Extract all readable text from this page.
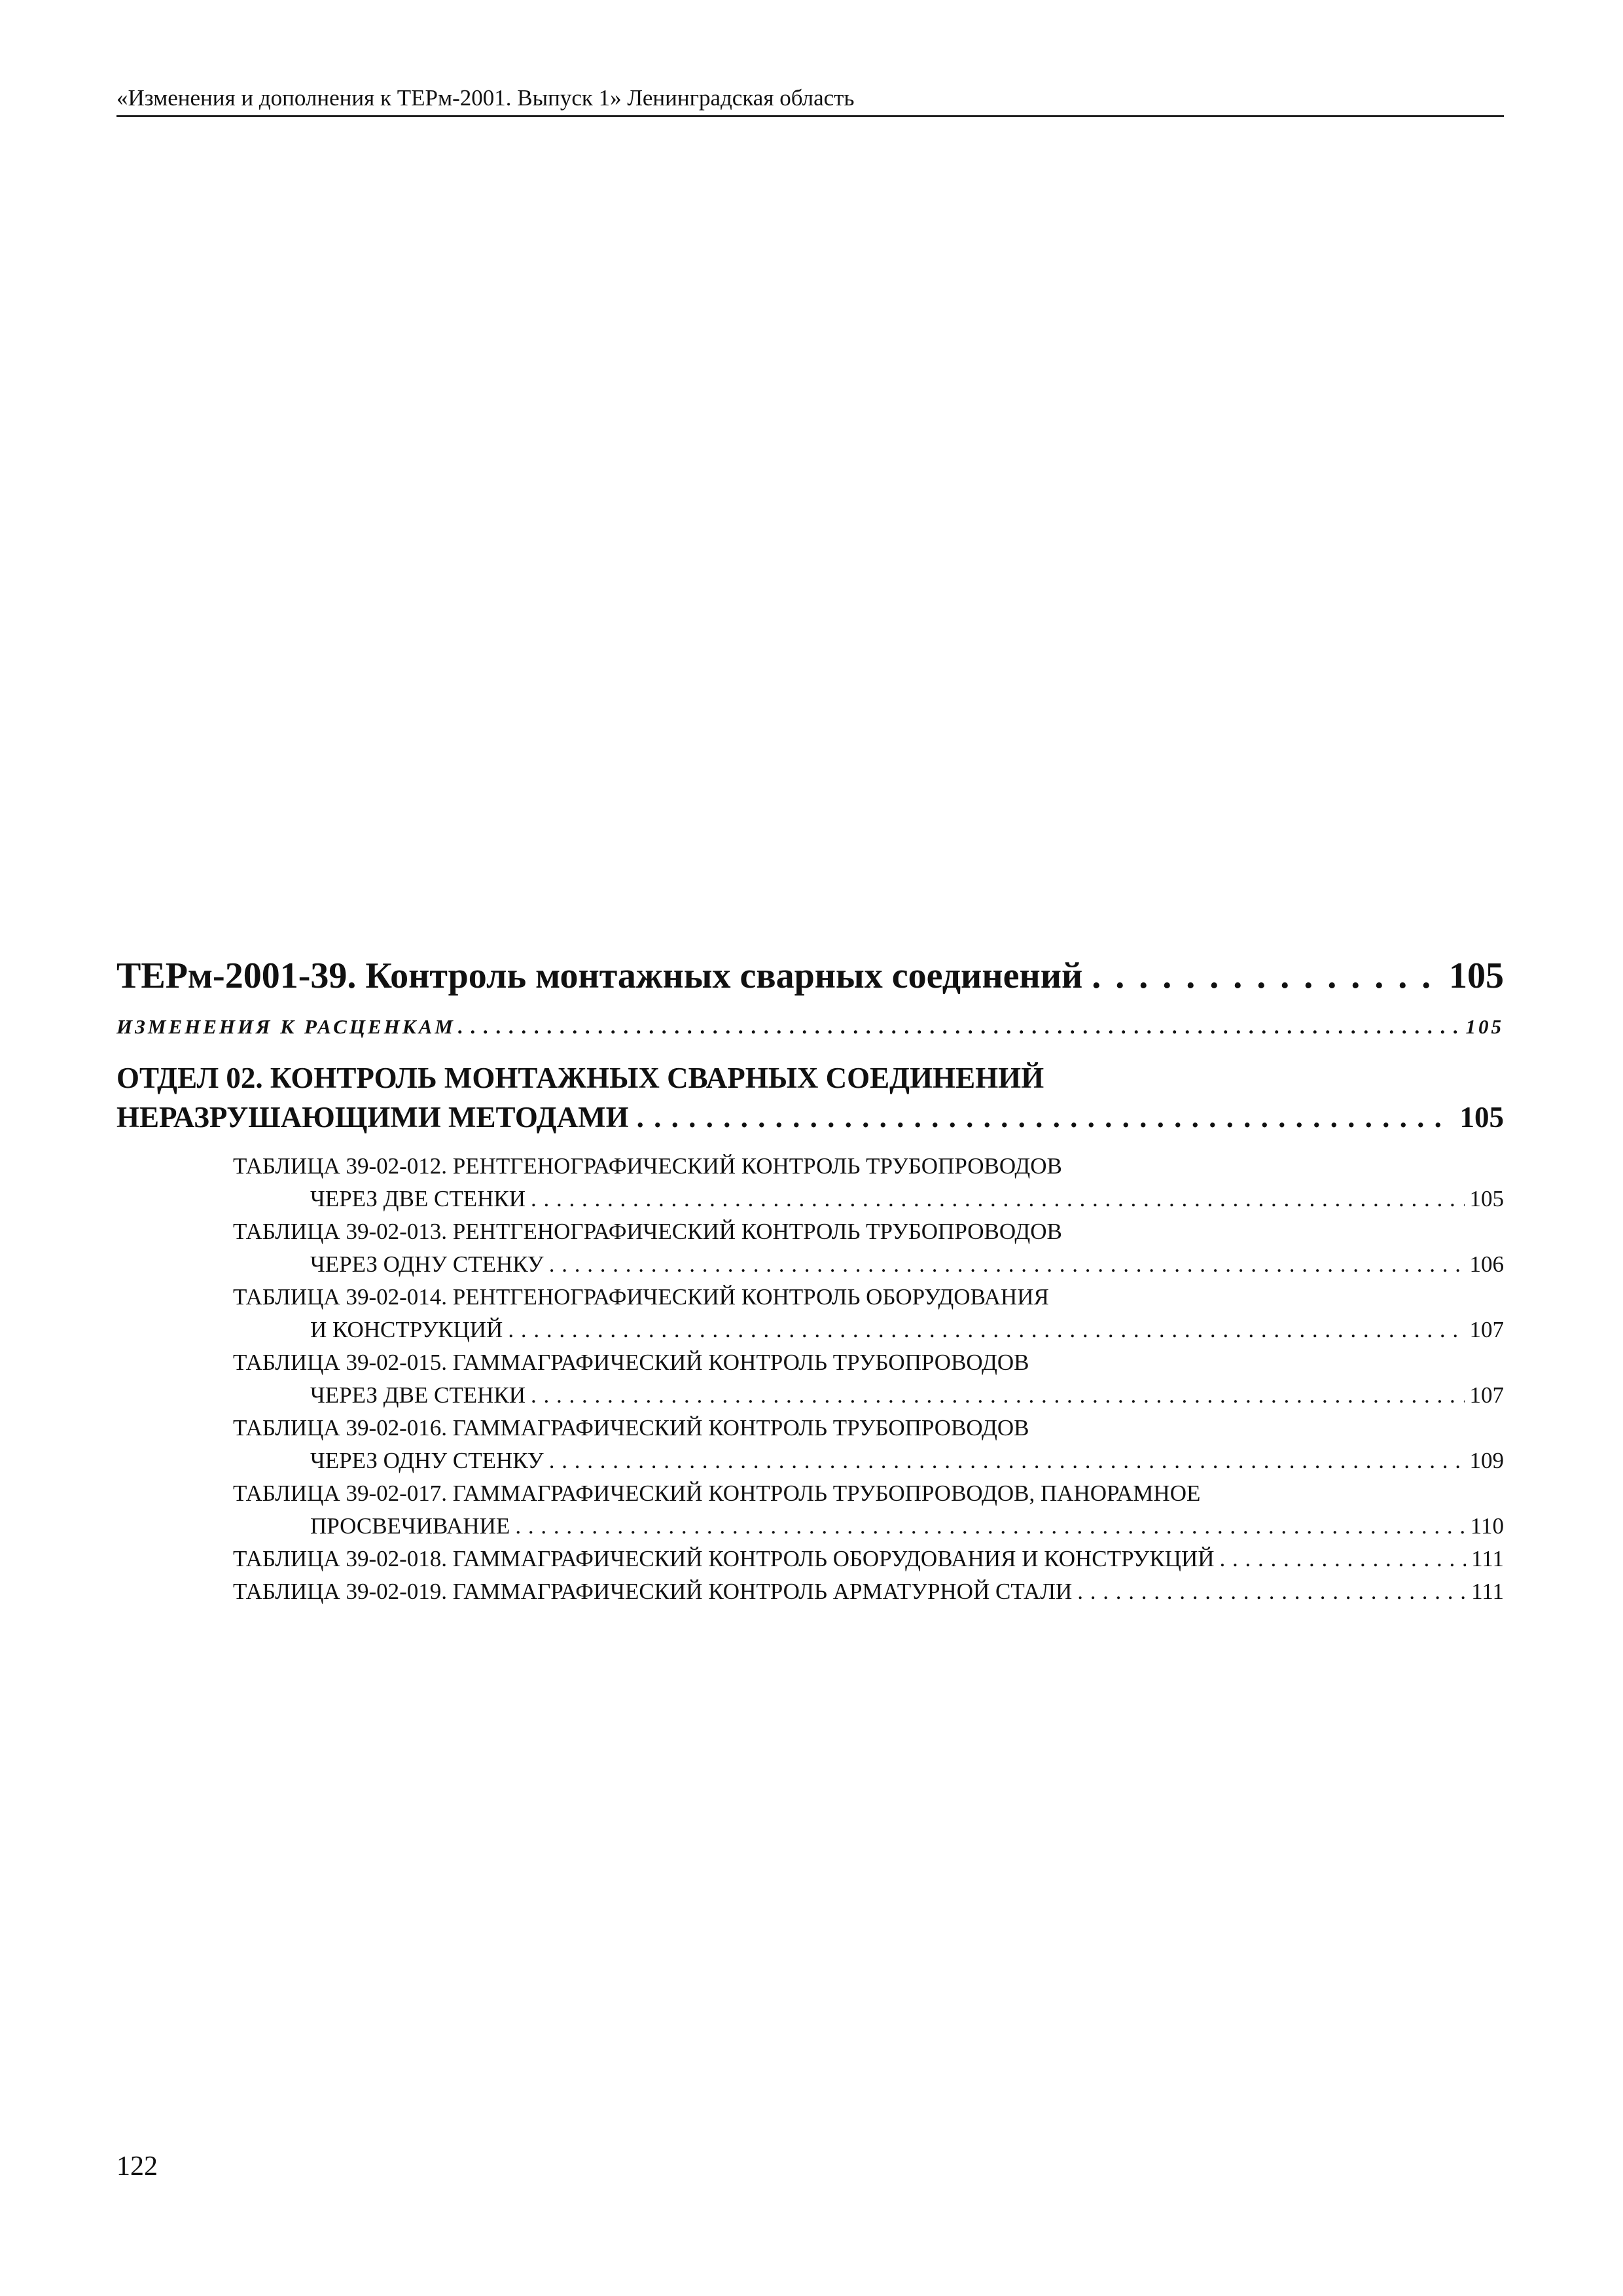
«Изменения и дополнения к ТЕРм-2001. Выпуск 1» Ленинградская область
ТЕРм-2001-39. Контроль монтажных сварных соединений . . .	105
ИЗМЕНЕНИЯ К РАСЦЕНКАМ . . .	105
ОТДЕЛ 02. КОНТРОЛЬ МОНТАЖНЫХ СВАРНЫХ СОЕДИНЕНИЙ
НЕРАЗРУШАЮЩИМИ МЕТОДАМИ . . .	105
ТАБЛИЦА 39-02-012. РЕНТГЕНОГРАФИЧЕСКИЙ КОНТРОЛЬ ТРУБОПРОВОДОВ
ЧЕРЕЗ ДВЕ СТЕНКИ . . .	105
ТАБЛИЦА 39-02-013. РЕНТГЕНОГРАФИЧЕСКИЙ КОНТРОЛЬ ТРУБОПРОВОДОВ
ЧЕРЕЗ ОДНУ СТЕНКУ . . .	106
ТАБЛИЦА 39-02-014. РЕНТГЕНОГРАФИЧЕСКИЙ КОНТРОЛЬ ОБОРУДОВАНИЯ
И КОНСТРУКЦИЙ . . .	107
ТАБЛИЦА 39-02-015. ГАММАГРАФИЧЕСКИЙ КОНТРОЛЬ ТРУБОПРОВОДОВ
ЧЕРЕЗ ДВЕ СТЕНКИ . . .	107
ТАБЛИЦА 39-02-016. ГАММАГРАФИЧЕСКИЙ КОНТРОЛЬ ТРУБОПРОВОДОВ
ЧЕРЕЗ ОДНУ СТЕНКУ . . .	109
ТАБЛИЦА 39-02-017. ГАММАГРАФИЧЕСКИЙ КОНТРОЛЬ ТРУБОПРОВОДОВ, ПАНОРАМНОЕ
ПРОСВЕЧИВАНИЕ . . .	110
ТАБЛИЦА 39-02-018. ГАММАГРАФИЧЕСКИЙ КОНТРОЛЬ ОБОРУДОВАНИЯ И КОНСТРУКЦИЙ . . .	111
ТАБЛИЦА 39-02-019. ГАММАГРАФИЧЕСКИЙ КОНТРОЛЬ АРМАТУРНОЙ СТАЛИ . . .	111
122
